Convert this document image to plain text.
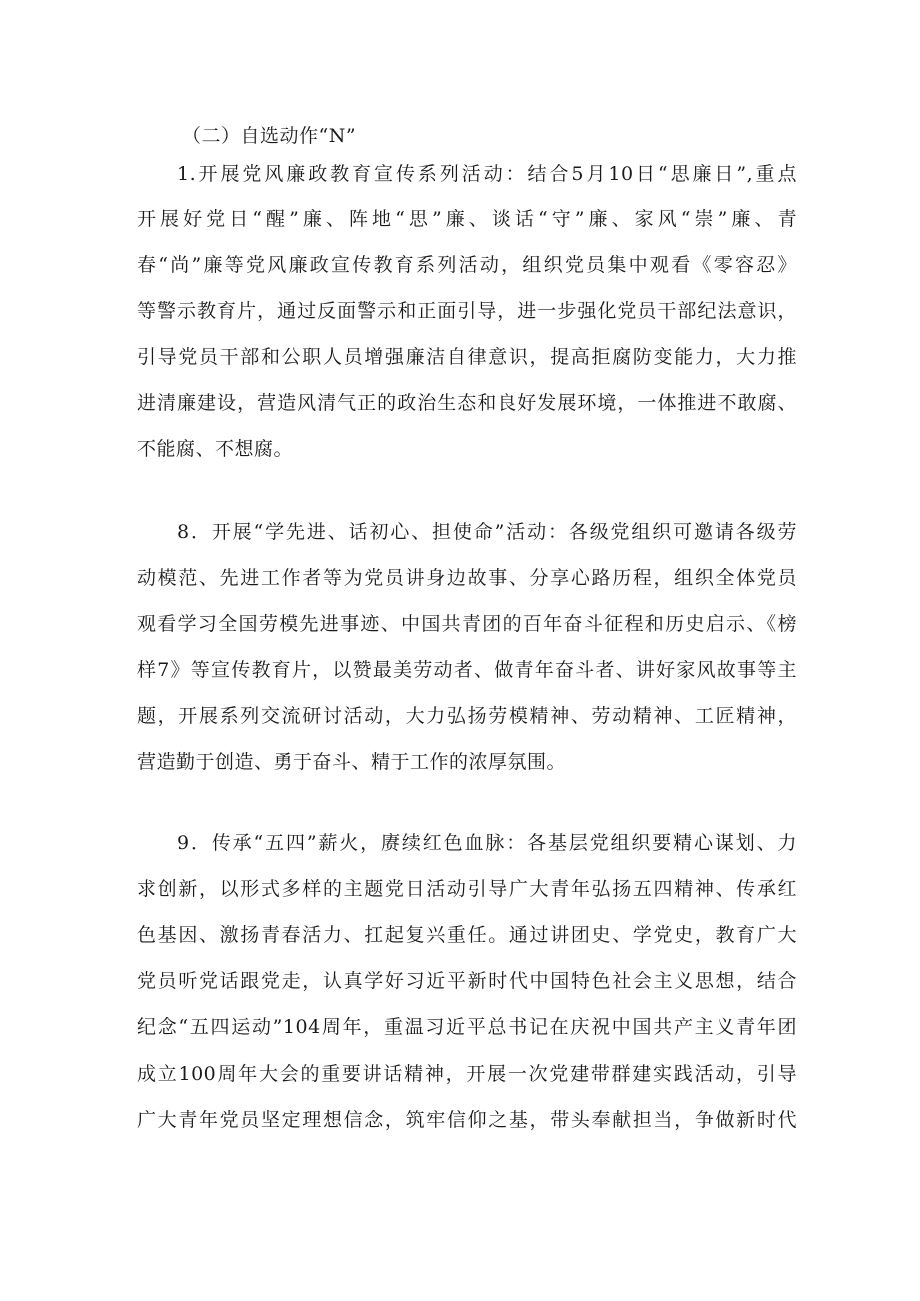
（二）自选动作“N”
1.开展党风廉政教育宣传系列活动：结合5月10日“思廉日”,重点
开展好党日“醒”廉、阵地“思”廉、谈话“守”廉、家风“崇”廉、青
春“尚”廉等党风廉政宣传教育系列活动，组织党员集中观看《零容忍》
等警示教育片，通过反面警示和正面引导，进一步强化党员干部纪法意识，
引导党员干部和公职人员增强廉洁自律意识，提高拒腐防变能力，大力推
进清廉建设，营造风清气正的政治生态和良好发展环境，一体推进不敢腐、
不能腐、不想腐。
8．开展“学先进、话初心、担使命”活动：各级党组织可邀请各级劳
动模范、先进工作者等为党员讲身边故事、分享心路历程，组织全体党员
观看学习全国劳模先进事迹、中国共青团的百年奋斗征程和历史启示、《榜
样7》等宣传教育片，以赞最美劳动者、做青年奋斗者、讲好家风故事等主
题，开展系列交流研讨活动，大力弘扬劳模精神、劳动精神、工匠精神，
营造勤于创造、勇于奋斗、精于工作的浓厚氛围。
9．传承“五四”薪火，赓续红色血脉：各基层党组织要精心谋划、力
求创新，以形式多样的主题党日活动引导广大青年弘扬五四精神、传承红
色基因、激扬青春活力、扛起复兴重任。通过讲团史、学党史，教育广大
党员听党话跟党走，认真学好习近平新时代中国特色社会主义思想，结合
纪念“五四运动”104周年，重温习近平总书记在庆祝中国共产主义青年团
成立100周年大会的重要讲话精神，开展一次党建带群建实践活动，引导
广大青年党员坚定理想信念，筑牢信仰之基，带头奉献担当，争做新时代
